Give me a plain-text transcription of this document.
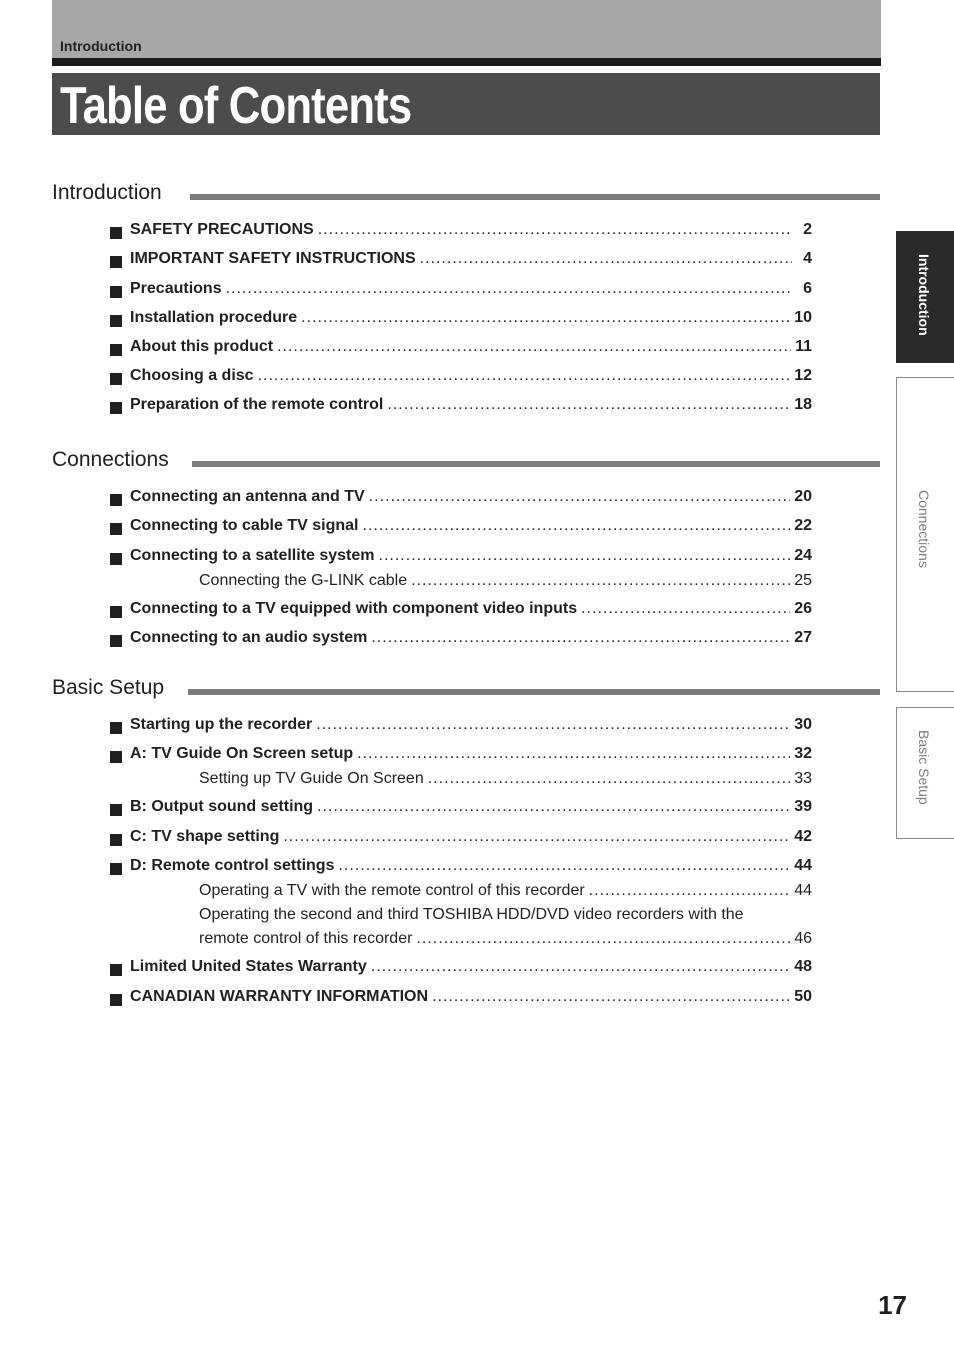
Introduction
Table of Contents
Introduction
SAFETY PRECAUTIONS .....	2
IMPORTANT SAFETY INSTRUCTIONS .....	4
Precautions .....	6
Installation procedure .....	10
About this product .....	11
Choosing a disc .....	12
Preparation of the remote control .....	18
Connections
Connecting an antenna and TV .....	20
Connecting to cable TV signal .....	22
Connecting to a satellite system .....	24
Connecting the G-LINK cable .....	25
Connecting to a TV equipped with component video inputs .....	26
Connecting to an audio system .....	27
Basic Setup
Starting up the recorder .....	30
A: TV Guide On Screen setup .....	32
Setting up TV Guide On Screen .....	33
B: Output sound setting .....	39
C: TV shape setting .....	42
D: Remote control settings .....	44
Operating a TV with the remote control of this recorder .....	44
Operating the second and third TOSHIBA HDD/DVD video recorders with the
remote control of this recorder .....	46
Limited United States Warranty .....	48
CANADIAN WARRANTY INFORMATION .....	50
Introduction
Connections
Basic Setup
17
